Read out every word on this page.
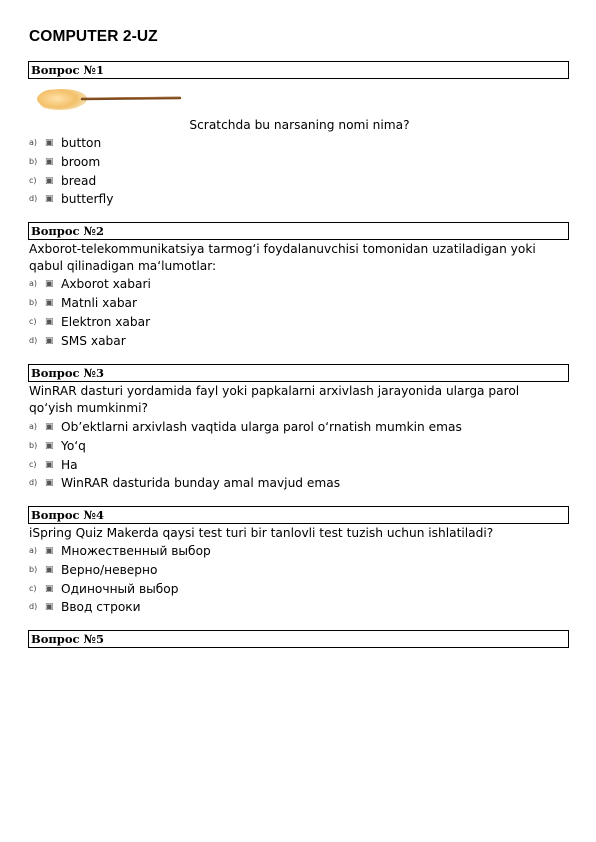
COMPUTER 2-UZ
Вопрос №1
Scratchda bu narsaning nomi nima?
a) ▣ button
b) ▣ broom
c) ▣ bread
d) ▣ butterfly
Вопрос №2
Axborot-telekommunikatsiya tarmog‘i foydalanuvchisi tomonidan uzatiladigan yoki qabul qilinadigan ma‘lumotlar:
a) ▣ Axborot xabari
b) ▣ Matnli xabar
c) ▣ Elektron xabar
d) ▣ SMS xabar
Вопрос №3
WinRAR dasturi yordamida fayl yoki papkalarni arxivlash jarayonida ularga parol qo‘yish mumkinmi?
a) ▣ Ob’ektlarni arxivlash vaqtida ularga parol o‘rnatish mumkin emas
b) ▣ Yo‘q
c) ▣ Ha
d) ▣ WinRAR dasturida bunday amal mavjud emas
Вопрос №4
iSpring Quiz Makerda qaysi test turi bir tanlovli test tuzish uchun ishlatiladi?
a) ▣ Множественный выбор
b) ▣ Верно/неверно
c) ▣ Одиночный выбор
d) ▣ Ввод строки
Вопрос №5
